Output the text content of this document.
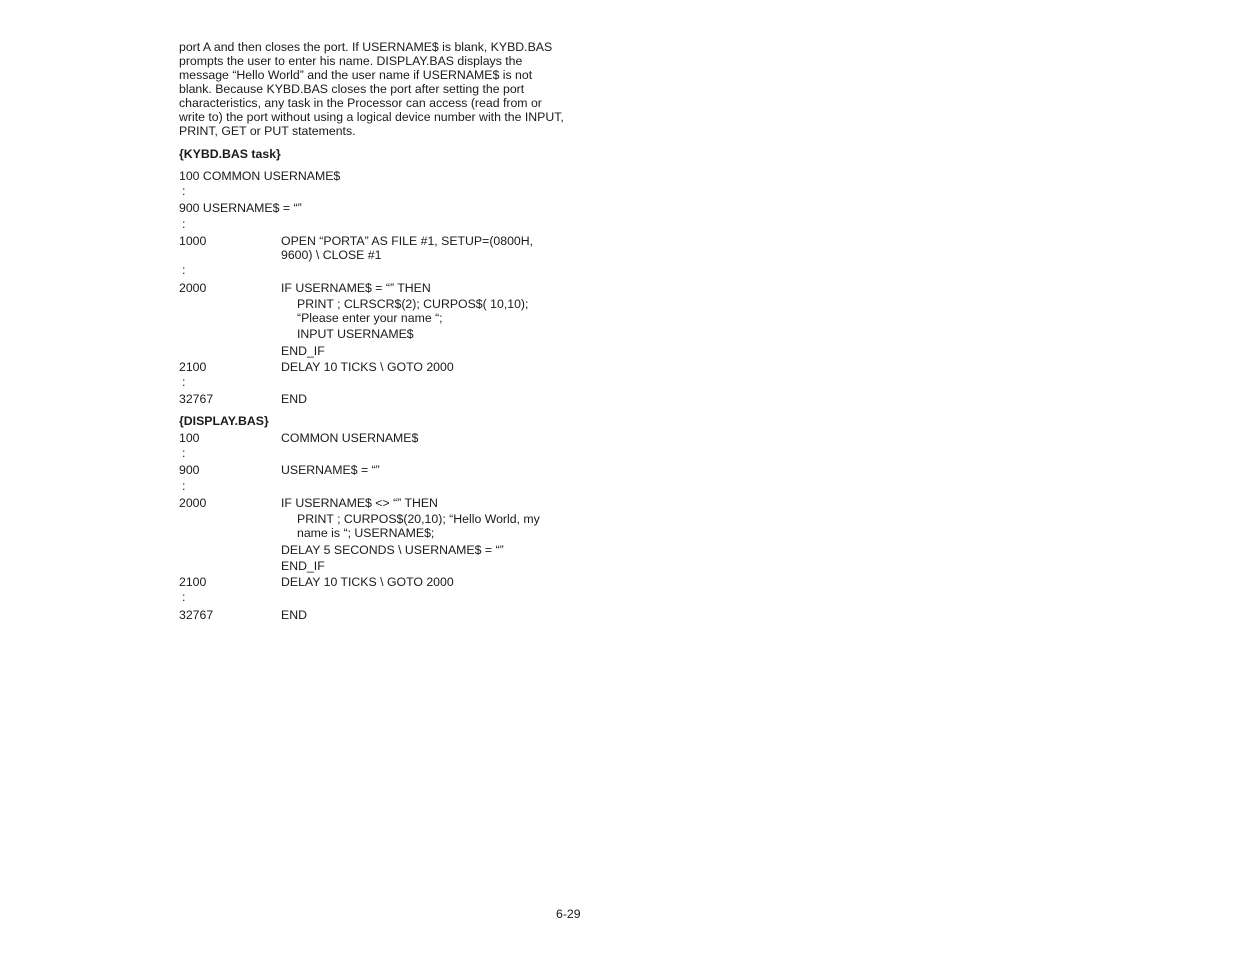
port A and then closes the port. If USERNAME$ is blank, KYBD.BAS prompts the user to enter his name. DISPLAY.BAS displays the message “Hello World” and the user name if USERNAME$ is not blank. Because KYBD.BAS closes the port after setting the port characteristics, any task in the Processor can access (read from or write to) the port without using a logical device number with the INPUT, PRINT, GET or PUT statements.

{KYBD.BAS task}
100 COMMON USERNAME$
:
900 USERNAME$ = “”
:
1000	OPEN “PORTA” AS FILE #1, SETUP=(0800H,
9600) \ CLOSE #1
:
2000	IF USERNAME$ = “” THEN
PRINT ; CLRSCR$(2); CURPOS$( 10,10);
“Please enter your name “;
INPUT USERNAME$
END_IF
2100	DELAY 10 TICKS \ GOTO 2000
:
32767	END
{DISPLAY.BAS}
100	COMMON USERNAME$
:
900	USERNAME$ = “”
:
2000	IF USERNAME$ <> “” THEN
PRINT ; CURPOS$(20,10); “Hello World, my
name is “; USERNAME$;
DELAY 5 SECONDS \ USERNAME$ = “”
END_IF
2100	DELAY 10 TICKS \ GOTO 2000
:
32767	END
6-29
